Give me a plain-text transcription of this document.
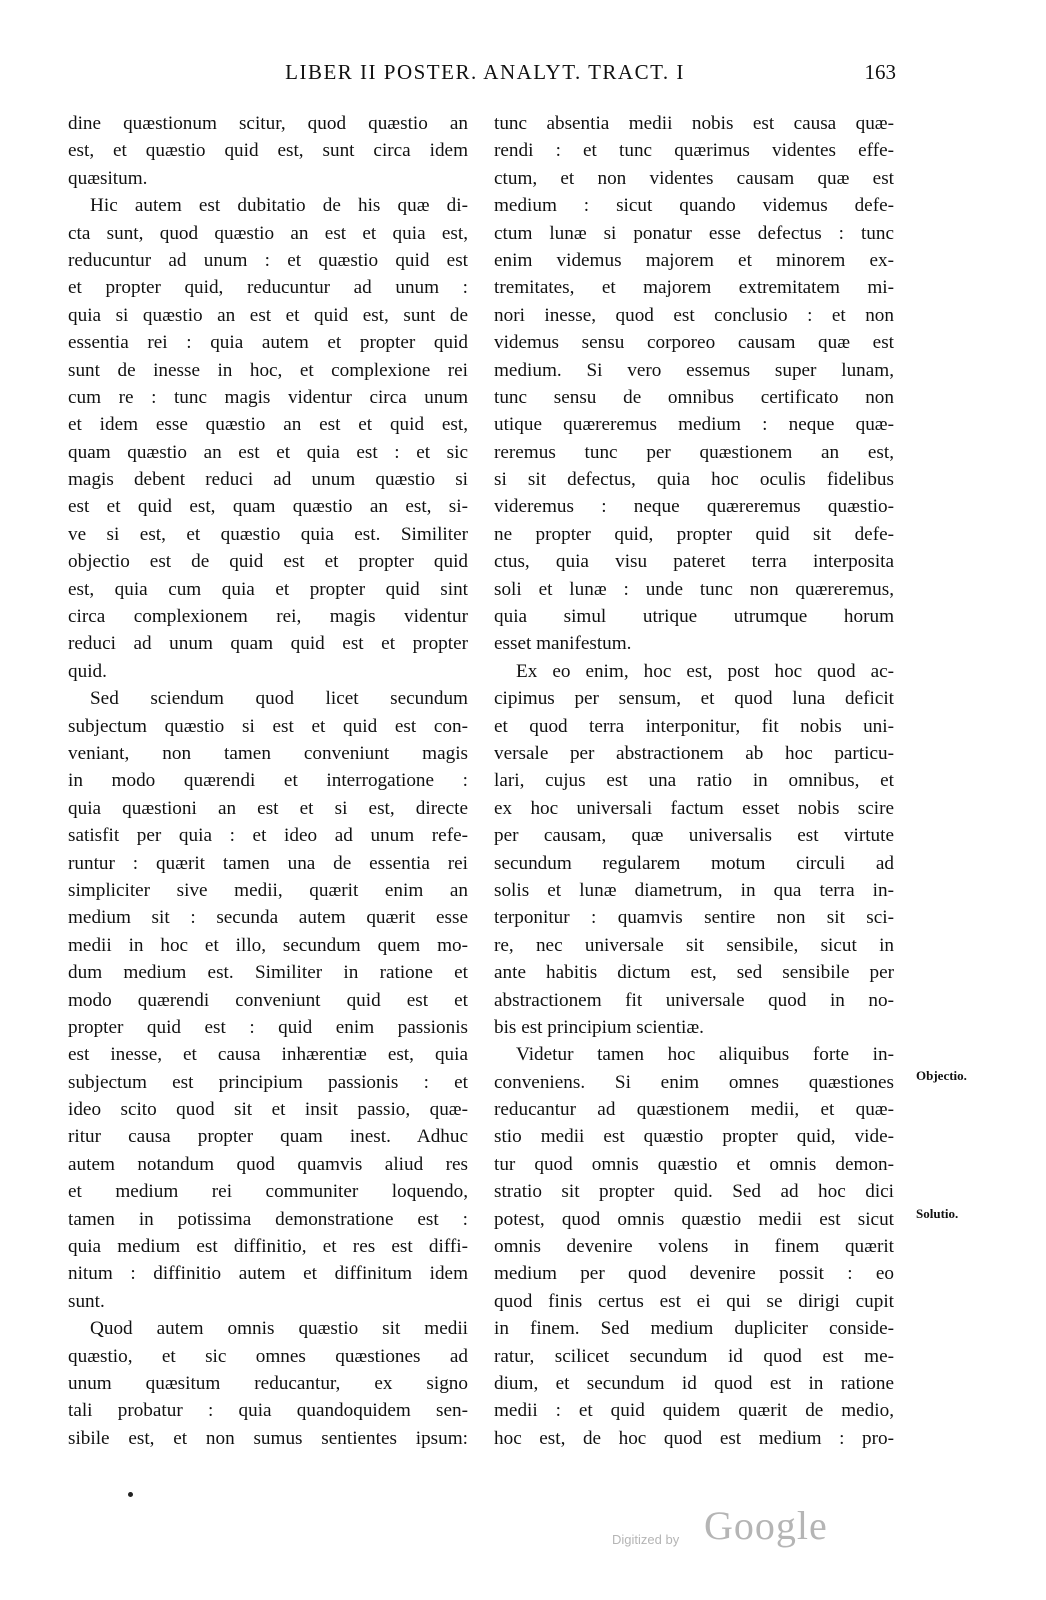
LIBER II POSTER. ANALYT. TRACT. I	163
dine quæstionum scitur, quod quæstio an
est, et quæstio quid est, sunt circa idem
quæsitum.
Hic autem est dubitatio de his quæ di-
cta sunt, quod quæstio an est et quia est,
reducuntur ad unum : et quæstio quid est
et propter quid, reducuntur ad unum :
quia si quæstio an est et quid est, sunt de
essentia rei : quia autem et propter quid
sunt de inesse in hoc, et complexione rei
cum re : tunc magis videntur circa unum
et idem esse quæstio an est et quid est,
quam quæstio an est et quia est : et sic
magis debent reduci ad unum quæstio si
est et quid est, quam quæstio an est, si-
ve si est, et quæstio quia est. Similiter
objectio est de quid est et propter quid
est, quia cum quia et propter quid sint
circa complexionem rei, magis videntur
reduci ad unum quam quid est et propter
quid.
Sed sciendum quod licet secundum
subjectum quæstio si est et quid est con-
veniant, non tamen conveniunt magis
in modo quærendi et interrogatione :
quia quæstioni an est et si est, directe
satisfit per quia : et ideo ad unum refe-
runtur : quærit tamen una de essentia rei
simpliciter sive medii, quærit enim an
medium sit : secunda autem quærit esse
medii in hoc et illo, secundum quem mo-
dum medium est. Similiter in ratione et
modo quærendi conveniunt quid est et
propter quid est : quid enim passionis
est inesse, et causa inhærentiæ est, quia
subjectum est principium passionis : et
ideo scito quod sit et insit passio, quæ-
ritur causa propter quam inest. Adhuc
autem notandum quod quamvis aliud res
et medium rei communiter loquendo,
tamen in potissima demonstratione est :
quia medium est diffinitio, et res est diffi-
nitum : diffinitio autem et diffinitum idem
sunt.
Quod autem omnis quæstio sit medii
quæstio, et sic omnes quæstiones ad
unum quæsitum reducantur, ex signo
tali probatur : quia quandoquidem sen-
sibile est, et non sumus sentientes ipsum:
tunc absentia medii nobis est causa quæ-
rendi : et tunc quærimus videntes effe-
ctum, et non videntes causam quæ est
medium : sicut quando videmus defe-
ctum lunæ si ponatur esse defectus : tunc
enim videmus majorem et minorem ex-
tremitates, et majorem extremitatem mi-
nori inesse, quod est conclusio : et non
videmus sensu corporeo causam quæ est
medium. Si vero essemus super lunam,
tunc sensu de omnibus certificato non
utique quæreremus medium : neque quæ-
reremus tunc per quæstionem an est,
si sit defectus, quia hoc oculis fidelibus
videremus : neque quæreremus quæstio-
ne propter quid, propter quid sit defe-
ctus, quia visu pateret terra interposita
soli et lunæ : unde tunc non quæreremus,
quia simul utrique utrumque horum
esset manifestum.
Ex eo enim, hoc est, post hoc quod ac-
cipimus per sensum, et quod luna deficit
et quod terra interponitur, fit nobis uni-
versale per abstractionem ab hoc particu-
lari, cujus est una ratio in omnibus, et
ex hoc universali factum esset nobis scire
per causam, quæ universalis est virtute
secundum regularem motum circuli ad
solis et lunæ diametrum, in qua terra in-
terponitur : quamvis sentire non sit sci-
re, nec universale sit sensibile, sicut in
ante habitis dictum est, sed sensibile per
abstractionem fit universale quod in no-
bis est principium scientiæ.
Videtur tamen hoc aliquibus forte in-
conveniens. Si enim omnes quæstiones
reducantur ad quæstionem medii, et quæ-
stio medii est quæstio propter quid, vide-
tur quod omnis quæstio et omnis demon-
stratio sit propter quid. Sed ad hoc dici
potest, quod omnis quæstio medii est sicut
omnis devenire volens in finem quærit
medium per quod devenire possit : eo
quod finis certus est ei qui se dirigi cupit
in finem. Sed medium dupliciter conside-
ratur, scilicet secundum id quod est me-
dium, et secundum id quod est in ratione
medii : et quid quidem quærit de medio,
hoc est, de hoc quod est medium : pro-
Objectio.
Solutio.
Digitized by Google
